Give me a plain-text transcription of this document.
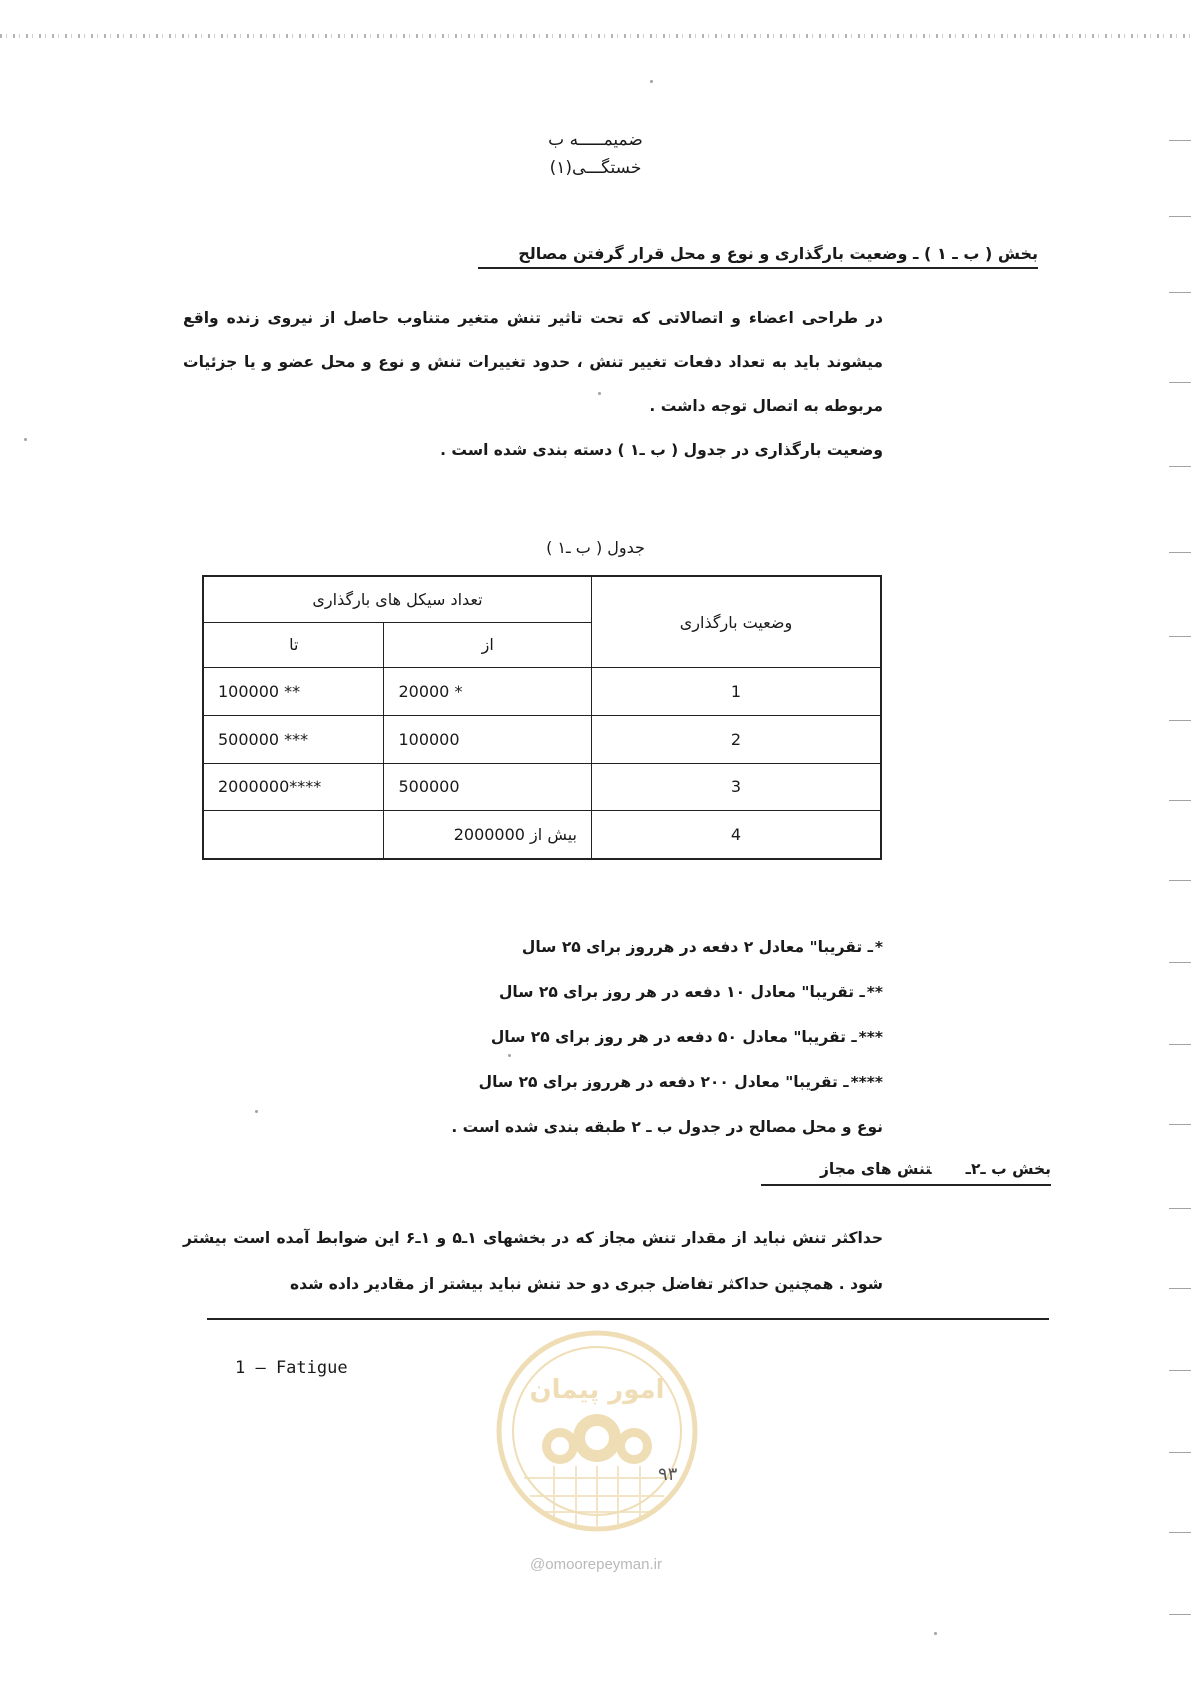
ضمیمـــــه ب
خستگـــی(۱)
بخش ( ب ـ ۱ ) ـ وضعیت بارگذاری و نوع و محل قرار گرفتن مصالح
در طراحی اعضاء و اتصالاتی که تحت تاثیر تنش متغیر متناوب حاصل از نیروی زنده واقع میشوند باید به تعداد دفعات تغییر تنش ، حدود تغییرات تنش و نوع و محل عضو و یا جزئیات مربوطه به اتصال توجه داشت .
وضعیت بارگذاری در جدول ( ب ـ۱ ) دسته بندی شده است .
جدول ( ب ـ۱ )
وضعیت بارگذاری	تعداد سیکل های بارگذاری	
	از	تا
1	20000 *	100000 **
2	100000	500000 ***
3	500000	2000000****
4	بیش از 2000000	
*ـ تقریبا" معادل ۲ دفعه در هرروز برای ۲۵ سال
**ـ تقریبا" معادل ۱۰ دفعه در هر روز برای ۲۵ سال
***ـ تقریبا" معادل ۵۰ دفعه در هر روز برای ۲۵ سال
****ـ تقریبا" معادل ۲۰۰ دفعه در هرروز برای ۲۵ سال
نوع و محل مصالح در جدول ب ـ ۲ طبقه بندی شده است .
بخش ب ـ۲ـتنش های مجاز
حداکثر تنش نباید از مقدار تنش مجاز که در بخشهای ۱ـ۵ و ۱ـ۶ این ضوابط آمده است بیشتر شود . همچنین حداکثر تفاضل جبری دو حد تنش نباید بیشتر از مقادیر داده شده
1 — Fatigue
امور پیمان
۹۳
@omoorepeyman.ir
